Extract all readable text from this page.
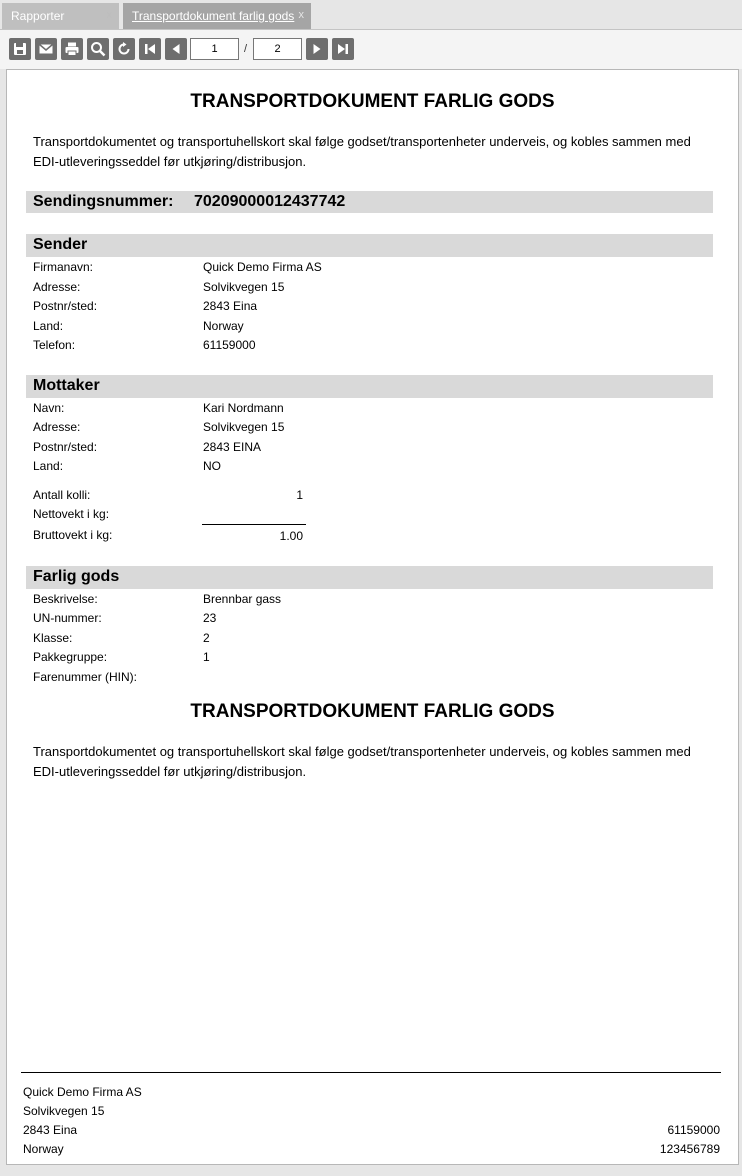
Rapporter	x	Transportdokument farlig gods x
1	/	2
TRANSPORTDOKUMENT FARLIG GODS
Transportdokumentet og transportuhellskort skal følge godset/transportenheter underveis, og kobles sammen med EDI-utleveringsseddel før utkjøring/distribusjon.
Sendingsnummer: 70209000012437742
Sender
Firmanavn:	Quick Demo Firma AS
Adresse:	Solvikvegen 15
Postnr/sted:	2843 Eina
Land:	Norway
Telefon:	61159000
Mottaker
Navn:	Kari Nordmann
Adresse:	Solvikvegen 15
Postnr/sted:	2843 EINA
Land:	NO
Antall kolli:	1
Nettovekt i kg:
Bruttovekt i kg:	1.00
Farlig gods
Beskrivelse:	Brennbar gass
UN-nummer:	23
Klasse:	2
Pakkegruppe:	1
Farenummer (HIN):
TRANSPORTDOKUMENT FARLIG GODS
Transportdokumentet og transportuhellskort skal følge godset/transportenheter underveis, og kobles sammen med EDI-utleveringsseddel før utkjøring/distribusjon.
Quick Demo Firma AS
Solvikvegen 15
2843 Eina
Norway
61159000
123456789
